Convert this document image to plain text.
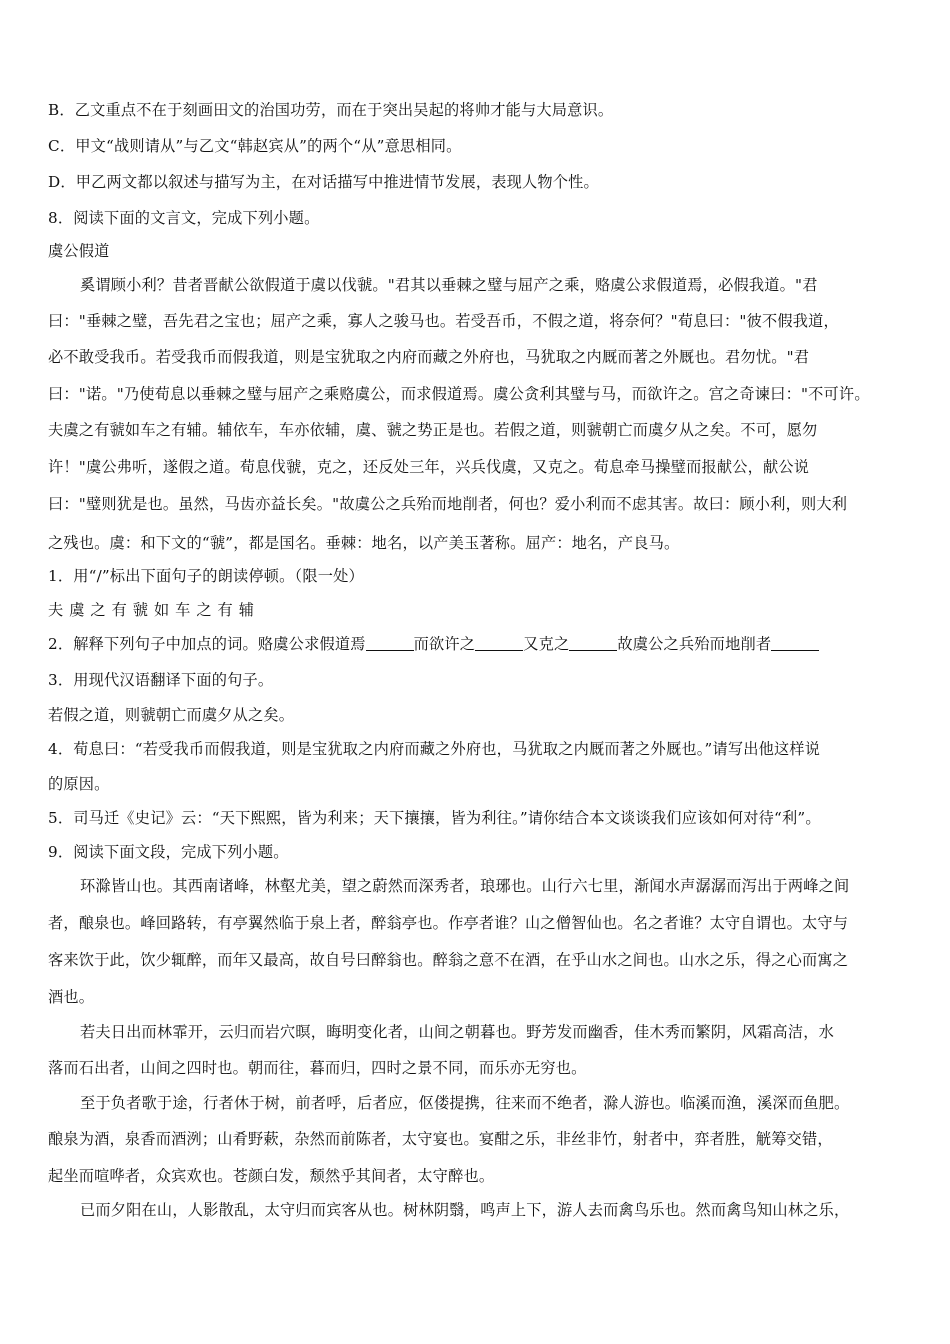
B．乙文重点不在于刻画田文的治国功劳，而在于突出吴起的将帅才能与大局意识。
C．甲文“战则请从”与乙文“韩赵宾从”的两个“从”意思相同。
D．甲乙两文都以叙述与描写为主，在对话描写中推进情节发展，表现人物个性。
8．阅读下面的文言文，完成下列小题。
虞公假道
奚谓顾小利？昔者晋献公欲假道于虞以伐虢。"君其以垂棘之璧与屈产之乘，赂虞公求假道焉，必假我道。"君
曰："垂棘之璧，吾先君之宝也；屈产之乘，寡人之骏马也。若受吾币，不假之道，将奈何？"荀息曰："彼不假我道，
必不敢受我币。若受我币而假我道，则是宝犹取之内府而藏之外府也，马犹取之内厩而著之外厩也。君勿忧。"君
曰："诺。"乃使荀息以垂棘之璧与屈产之乘赂虞公，而求假道焉。虞公贪利其璧与马，而欲许之。宫之奇谏曰："不可许。
夫虞之有虢如车之有辅。辅依车，车亦依辅，虞、虢之势正是也。若假之道，则虢朝亡而虞夕从之矣。不可，愿勿
许！"虞公弗听，遂假之道。荀息伐虢，克之，还反处三年，兴兵伐虞，又克之。荀息牵马操璧而报献公，献公说
曰："璧则犹是也。虽然，马齿亦益长矣。"故虞公之兵殆而地削者，何也？爱小利而不虑其害。故曰：顾小利，则大利
之残也。虞：和下文的“虢”，都是国名。垂棘：地名，以产美玉著称。屈产：地名，产良马。
1．用“/”标出下面句子的朗读停顿。（限一处）
夫虞之有虢如车之有辅
2．解释下列句子中加点的词。赂虞公求假道焉	而欲许之	又克之	故虞公之兵殆而地削者
3．用现代汉语翻译下面的句子。
若假之道，则虢朝亡而虞夕从之矣。
4．荀息曰：“若受我币而假我道，则是宝犹取之内府而藏之外府也，马犹取之内厩而著之外厩也。”请写出他这样说
的原因。
5．司马迁《史记》云：“天下熙熙，皆为利来；天下攘攘，皆为利往。”请你结合本文谈谈我们应该如何对待“利”。
9．阅读下面文段，完成下列小题。
环滁皆山也。其西南诸峰，林壑尤美，望之蔚然而深秀者，琅琊也。山行六七里，渐闻水声潺潺而泻出于两峰之间
者，酿泉也。峰回路转，有亭翼然临于泉上者，醉翁亭也。作亭者谁？山之僧智仙也。名之者谁？太守自谓也。太守与
客来饮于此，饮少辄醉，而年又最高，故自号曰醉翁也。醉翁之意不在酒，在乎山水之间也。山水之乐，得之心而寓之
酒也。
若夫日出而林霏开，云归而岩穴暝，晦明变化者，山间之朝暮也。野芳发而幽香，佳木秀而繁阴，风霜高洁，水
落而石出者，山间之四时也。朝而往，暮而归，四时之景不同，而乐亦无穷也。
至于负者歌于途，行者休于树，前者呼，后者应，伛偻提携，往来而不绝者，滁人游也。临溪而渔，溪深而鱼肥。
酿泉为酒，泉香而酒洌；山肴野蔌，杂然而前陈者，太守宴也。宴酣之乐，非丝非竹，射者中，弈者胜，觥筹交错，
起坐而喧哗者，众宾欢也。苍颜白发，颓然乎其间者，太守醉也。
已而夕阳在山，人影散乱，太守归而宾客从也。树林阴翳，鸣声上下，游人去而禽鸟乐也。然而禽鸟知山林之乐，
